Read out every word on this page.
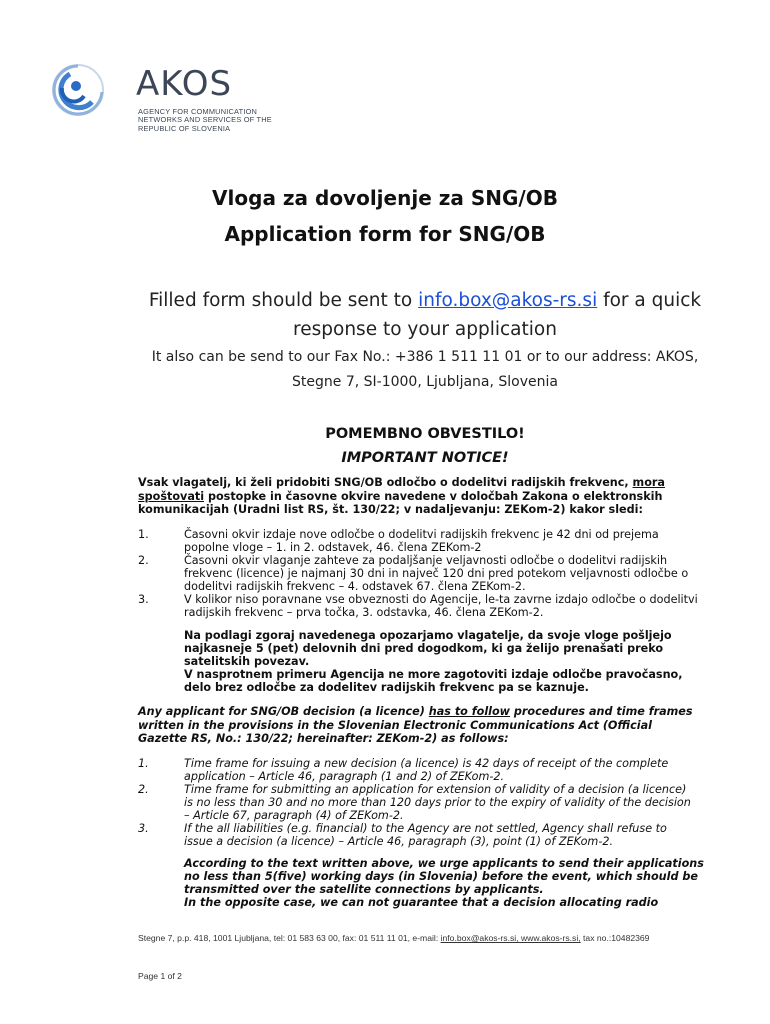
AKOS
AGENCY FOR COMMUNICATION NETWORKS AND SERVICES OF THE REPUBLIC OF SLOVENIA
Vloga za dovoljenje za SNG/OB
Application form for SNG/OB
Filled form should be sent to info.box@akos-rs.si for a quick
response to your application
It also can be send to our Fax No.: +386 1 511 11 01 or to our address: AKOS,
Stegne 7, SI-1000, Ljubljana, Slovenia
POMEMBNO OBVESTILO!
IMPORTANT NOTICE!
Vsak vlagatelj, ki želi pridobiti SNG/OB odločbo o dodelitvi radijskih frekvenc, mora spoštovati postopke in časovne okvire navedene v določbah Zakona o elektronskih komunikacijah (Uradni list RS, št. 130/22; v nadaljevanju: ZEKom-2) kakor sledi:
1.	Časovni okvir izdaje nove odločbe o dodelitvi radijskih frekvenc je 42 dni od prejema popolne vloge – 1. in 2. odstavek, 46. člena ZEKom-2
2.	Časovni okvir vlaganje zahteve za podaljšanje veljavnosti odločbe o dodelitvi radijskih frekvenc (licence) je najmanj 30 dni in največ 120 dni pred potekom veljavnosti odločbe o dodelitvi radijskih frekvenc – 4. odstavek 67. člena ZEKom-2.
3.	V kolikor niso poravnane vse obveznosti do Agencije, le-ta zavrne izdajo odločbe o dodelitvi radijskih frekvenc – prva točka, 3. odstavka, 46. člena ZEKom-2.
Na podlagi zgoraj navedenega opozarjamo vlagatelje, da svoje vloge pošljejo najkasneje 5 (pet) delovnih dni pred dogodkom, ki ga želijo prenašati preko satelitskih povezav.
V nasprotnem primeru Agencija ne more zagotoviti izdaje odločbe pravočasno, delo brez odločbe za dodelitev radijskih frekvenc pa se kaznuje.
Any applicant for SNG/OB decision (a licence) has to follow procedures and time frames written in the provisions in the Slovenian Electronic Communications Act (Official Gazette RS, No.: 130/22; hereinafter: ZEKom-2) as follows:
1.	Time frame for issuing a new decision (a licence) is 42 days of receipt of the complete application – Article 46, paragraph (1 and 2) of ZEKom-2.
2.	Time frame for submitting an application for extension of validity of a decision (a licence) is no less than 30 and no more than 120 days prior to the expiry of validity of the decision – Article 67, paragraph (4) of ZEKom-2.
3.	If the all liabilities (e.g. financial) to the Agency are not settled, Agency shall refuse to issue a decision (a licence) – Article 46, paragraph (3), point (1) of ZEKom-2.
According to the text written above, we urge applicants to send their applications no less than 5(five) working days (in Slovenia) before the event, which should be transmitted over the satellite connections by applicants.
In the opposite case, we can not guarantee that a decision allocating radio
Stegne 7, p.p. 418, 1001 Ljubljana, tel: 01 583 63 00, fax: 01 511 11 01, e-mail: info.box@akos-rs.si, www.akos-rs.si, tax no.:10482369
Page 1 of 2
